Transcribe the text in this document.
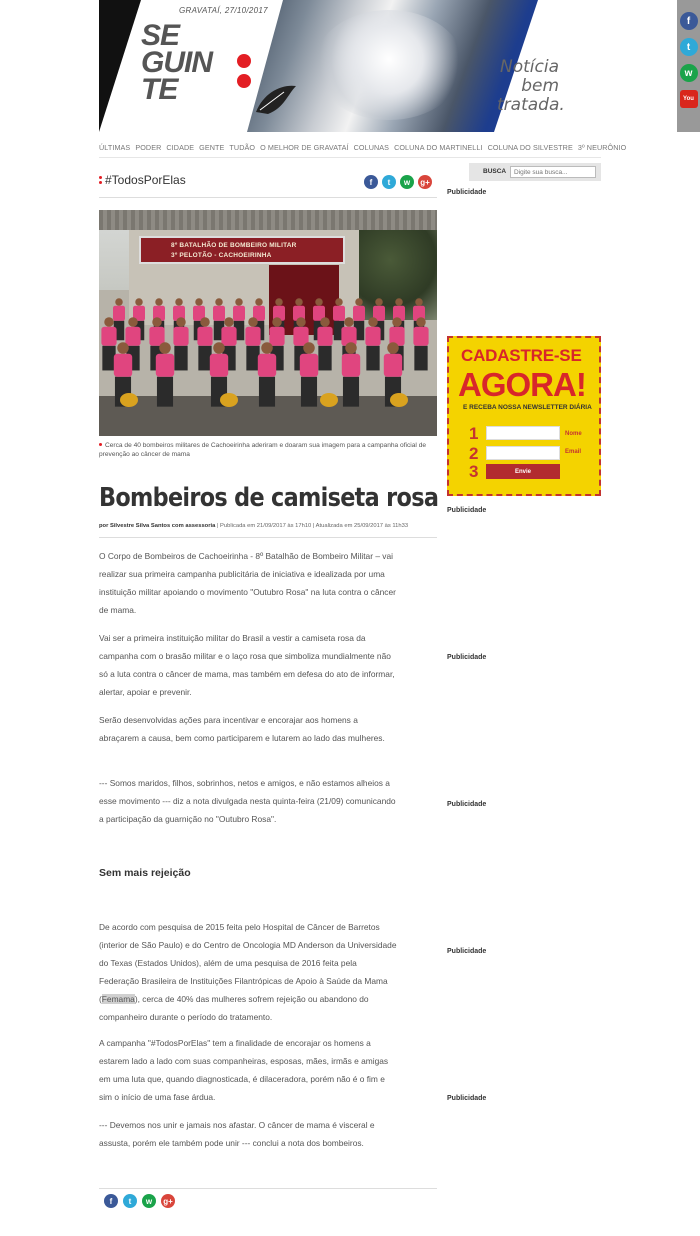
GRAVATAÍ, 27/10/2017
SE
GUIN
TE
Notícia
bem
tratada.
f
t
w
You
ÚLTIMAS PODER CIDADE GENTE TUDÃO O MELHOR DE GRAVATAÍ COLUNAS COLUNA DO MARTINELLI COLUNA DO SILVESTRE 3º NEURÔNIO
#TodosPorElas	f	t	w	g+
BUSCA
Digite sua busca...
Publicidade
CADASTRE-SE
AGORA!
E RECEBA NOSSA NEWSLETTER DIÁRIA
1	Nome
2	Email
3	Envie
Publicidade
Publicidade
Publicidade
Publicidade
Publicidade
8º BATALHÃO DE BOMBEIRO MILITAR
3º PELOTÃO - CACHOEIRINHA
Cerca de 40 bombeiros militares de Cachoeirinha aderiram e doaram sua imagem para a campanha oficial de prevenção ao câncer de mama
Bombeiros de camiseta rosa
por Silvestre Silva Santos com assessoria | Publicada em 21/09/2017 às 17h10 | Atualizada em 25/09/2017 às 11h33

O Corpo de Bombeiros de Cachoeirinha - 8º Batalhão de Bombeiro Militar – vai realizar sua primeira campanha publicitária de iniciativa e idealizada por uma instituição militar apoiando o movimento "Outubro Rosa" na luta contra o câncer de mama.

Vai ser a primeira instituição militar do Brasil a vestir a camiseta rosa da campanha com o brasão militar e o laço rosa que simboliza mundialmente não só a luta contra o câncer de mama, mas também em defesa do ato de informar, alertar, apoiar e prevenir.

Serão desenvolvidas ações para incentivar e encorajar aos homens a abraçarem a causa, bem como participarem e lutarem ao lado das mulheres.

--- Somos maridos, filhos, sobrinhos, netos e amigos, e não estamos alheios a esse movimento --- diz a nota divulgada nesta quinta-feira (21/09) comunicando a participação da guarnição no "Outubro Rosa".

Sem mais rejeição

De acordo com pesquisa de 2015 feita pelo Hospital de Câncer de Barretos (interior de São Paulo) e do Centro de Oncologia MD Anderson da Universidade do Texas (Estados Unidos), além de uma pesquisa de 2016 feita pela Federação Brasileira de Instituições Filantrópicas de Apoio à Saúde da Mama (Femama), cerca de 40% das mulheres sofrem rejeição ou abandono do companheiro durante o período do tratamento.

A campanha "#TodosPorElas" tem a finalidade de encorajar os homens a estarem lado a lado com suas companheiras, esposas, mães, irmãs e amigas em uma luta que, quando diagnosticada, é dilaceradora, porém não é o fim e sim o início de uma fase árdua.

--- Devemos nos unir e jamais nos afastar. O câncer de mama é visceral e assusta, porém ele também pode unir --- conclui a nota dos bombeiros.

f	t	w	g+
